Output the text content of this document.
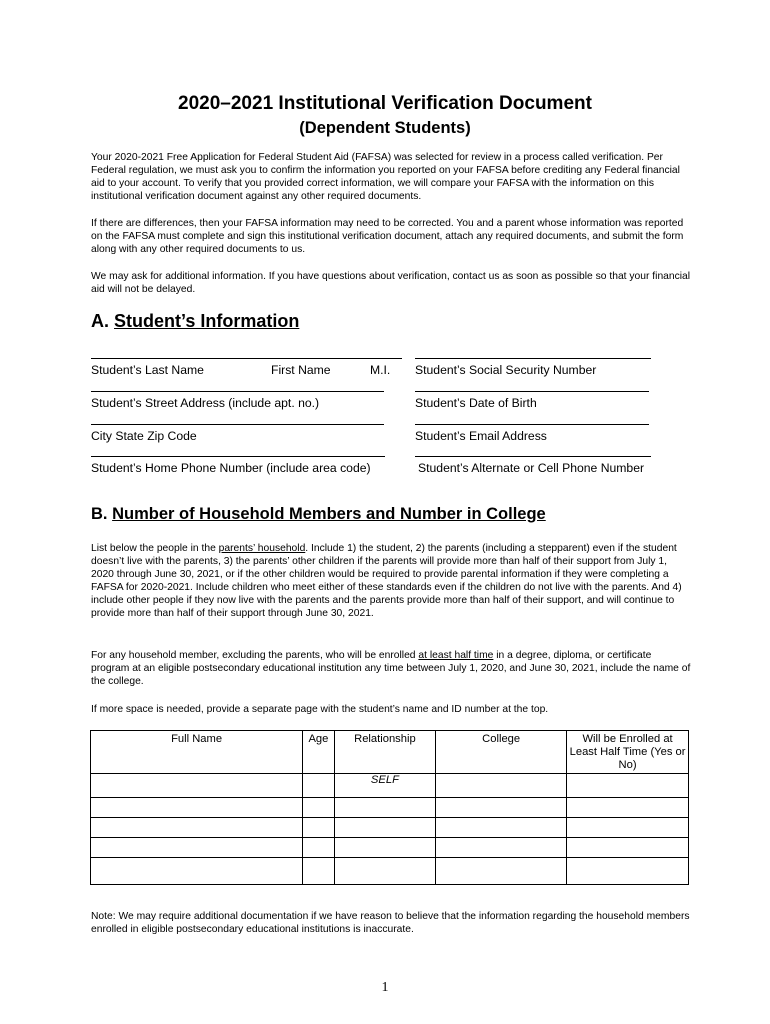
2020–2021 Institutional Verification Document
(Dependent Students)

Your 2020-2021 Free Application for Federal Student Aid (FAFSA) was selected for review in a process called verification. Per Federal regulation, we must ask you to confirm the information you reported on your FAFSA before crediting any Federal financial aid to your account. To verify that you provided correct information, we will compare your FAFSA with the information on this institutional verification document against any other required documents.

If there are differences, then your FAFSA information may need to be corrected. You and a parent whose information was reported on the FAFSA must complete and sign this institutional verification document, attach any required documents, and submit the form along with any other required documents to us.

We may ask for additional information. If you have questions about verification, contact us as soon as possible so that your financial aid will not be delayed.

A. Student’s Information
Student’s Last Name	First Name	M.I. Student’s Social Security Number
Student’s Street Address (include apt. no.)	Student’s Date of Birth
City State Zip Code	Student’s Email Address
Student’s Home Phone Number (include area code)	Student’s Alternate or Cell Phone Number
B. Number of Household Members and Number in College

List below the people in the parents’ household. Include 1) the student, 2) the parents (including a stepparent) even if the student doesn’t live with the parents, 3) the parents’ other children if the parents will provide more than half of their support from July 1, 2020 through June 30, 2021, or if the other children would be required to provide parental information if they were completing a FAFSA for 2020-2021. Include children who meet either of these standards even if the children do not live with the parents. And 4) include other people if they now live with the parents and the parents provide more than half of their support, and will continue to provide more than half of their support through June 30, 2021.

For any household member, excluding the parents, who will be enrolled at least half time in a degree, diploma, or certificate program at an eligible postsecondary educational institution any time between July 1, 2020, and June 30, 2021, include the name of the college.

If more space is needed, provide a separate page with the student’s name and ID number at the top.

Full Name	Age	Relationship	College	Will be Enrolled at Least Half Time (Yes or No)
		SELF		

Note: We may require additional documentation if we have reason to believe that the information regarding the household members enrolled in eligible postsecondary educational institutions is inaccurate.

1
